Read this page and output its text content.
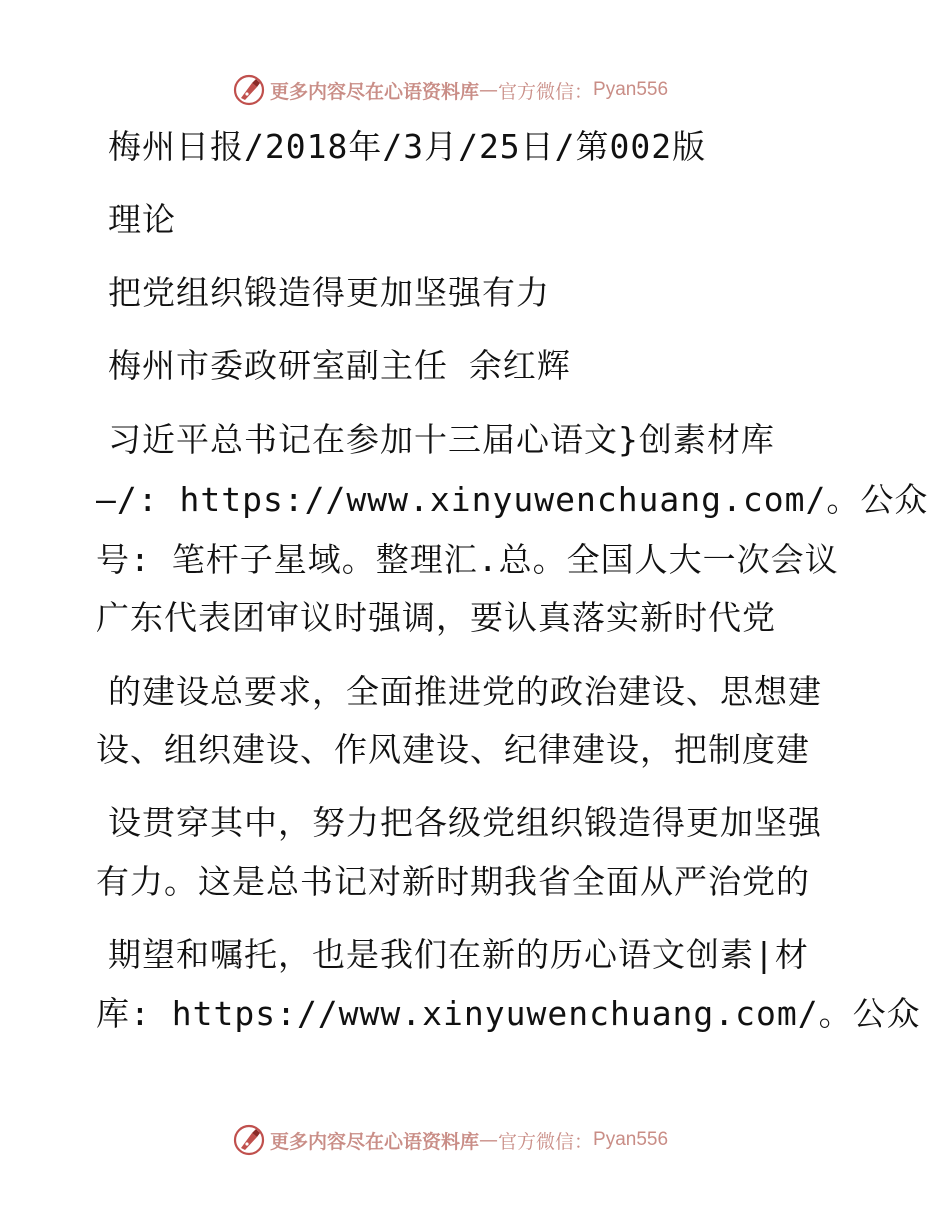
更多内容尽在心语资料库 — 官方微信： Pyan556
梅州日报/2018年/3月/25日/第002版
理论
把党组织锻造得更加坚强有力
梅州市委政研室副主任 余红辉
习近平总书记在参加十三届心语文}创素材库
—/: https://www.xinyuwenchuang.com/。公众
号: 笔杆子星域。整理汇.总。全国人大一次会议
广东代表团审议时强调，要认真落实新时代党
的建设总要求，全面推进党的政治建设、思想建
设、组织建设、作风建设、纪律建设，把制度建
设贯穿其中，努力把各级党组织锻造得更加坚强
有力。这是总书记对新时期我省全面从严治党的
期望和嘱托，也是我们在新的历心语文创素|材
库: https://www.xinyuwenchuang.com/。公众
更多内容尽在心语资料库 — 官方微信： Pyan556
